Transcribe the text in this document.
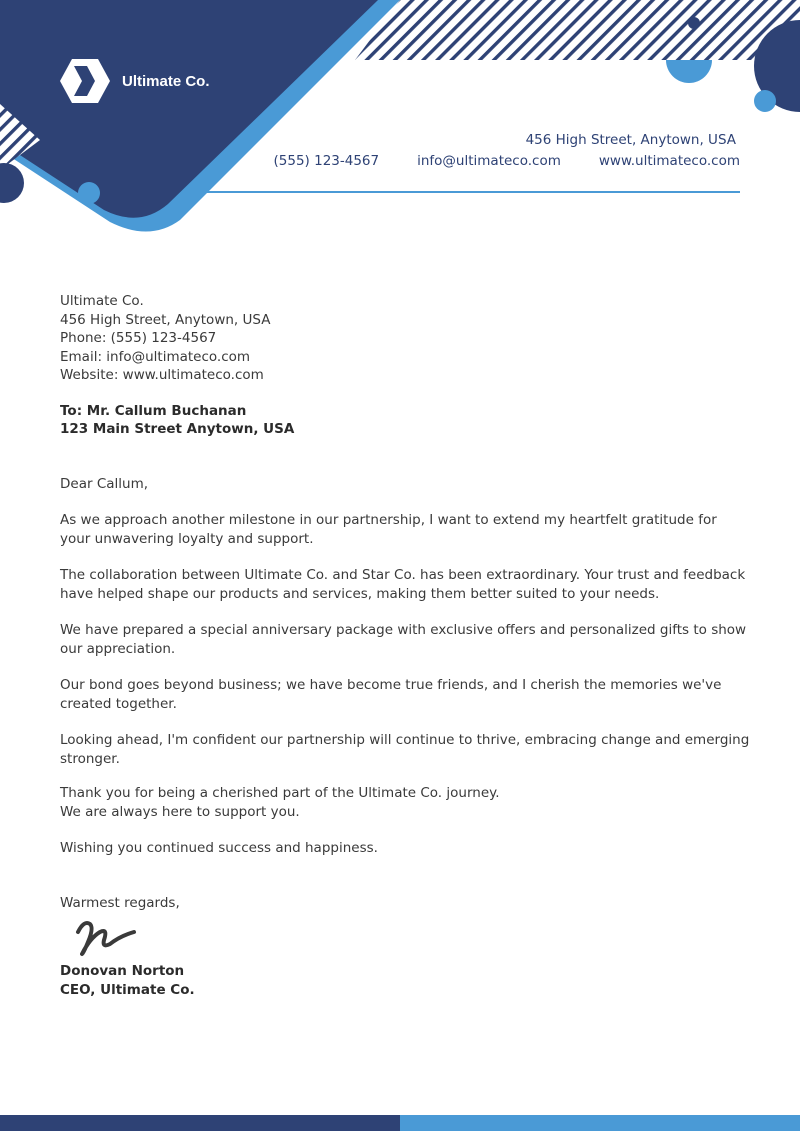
Ultimate Co.
456 High Street, Anytown, USA
(555) 123-4567	info@ultimateco.com	www.ultimateco.com

Ultimate Co.
456 High Street, Anytown, USA
Phone: (555) 123-4567
Email: info@ultimateco.com
Website: www.ultimateco.com

To: Mr. Callum Buchanan
123 Main Street Anytown, USA

Dear Callum,

As we approach another milestone in our partnership, I want to extend my heartfelt gratitude for your unwavering loyalty and support.

The collaboration between Ultimate Co. and Star Co. has been extraordinary. Your trust and feedback have helped shape our products and services, making them better suited to your needs.

We have prepared a special anniversary package with exclusive offers and personalized gifts to show our appreciation.

Our bond goes beyond business; we have become true friends, and I cherish the memories we've created together.

Looking ahead, I'm confident our partnership will continue to thrive, embracing change and emerging stronger.

Thank you for being a cherished part of the Ultimate Co. journey.
We are always here to support you.

Wishing you continued success and happiness.

Warmest regards,

Donovan Norton

CEO, Ultimate Co.
